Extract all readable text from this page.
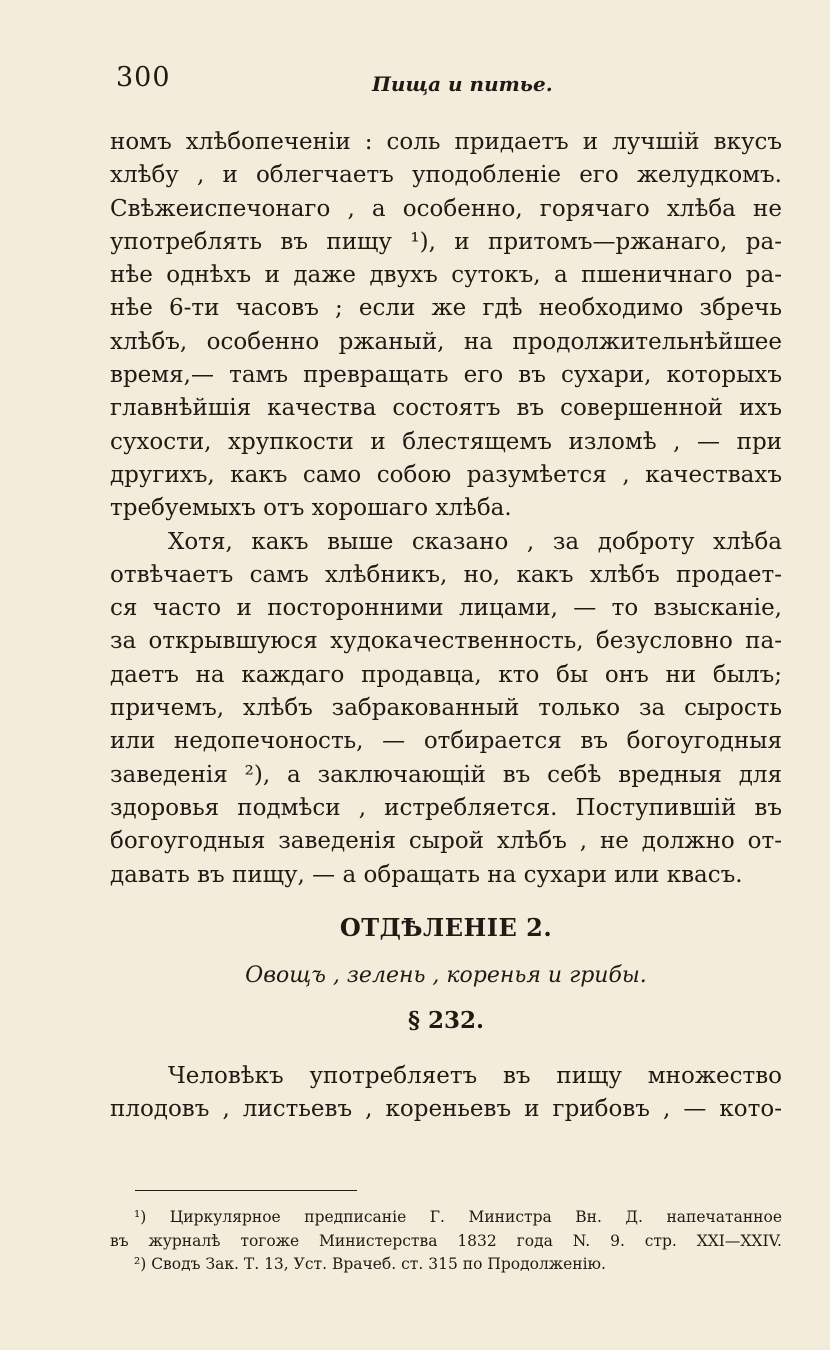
300	Пища и питье.
номъ хлѣбопеченіи : соль придаетъ и лучшій вкусъ
хлѣбу , и облегчаетъ уподобленіе его желудкомъ.
Свѣжеиспечонаго , а особенно, горячаго хлѣба не
употреблять въ пищу ¹), и притомъ—ржанаго, ра-
нѣе однѣхъ и даже двухъ сутокъ, а пшеничнаго ра-
нѣе 6-ти часовъ ; если же гдѣ необходимо збречь
хлѣбъ, особенно ржаный, на продолжительнѣйшее
время,— тамъ превращать его въ сухари, которыхъ
главнѣйшія качества состоятъ въ совершенной ихъ
сухости, хрупкости и блестящемъ изломѣ , — при
другихъ, какъ само собою разумѣется , качествахъ
требуемыхъ отъ хорошаго хлѣба.
Хотя, какъ выше сказано , за доброту хлѣба
отвѣчаетъ самъ хлѣбникъ, но, какъ хлѣбъ продает-
ся часто и посторонними лицами, — то взысканіе,
за открывшуюся худокачественность, безусловно па-
даетъ на каждаго продавца, кто бы онъ ни былъ;
причемъ, хлѣбъ забракованный только за сырость
или недопечоность, — отбирается въ богоугодныя
заведенія ²), а заключающій въ себѣ вредныя для
здоровья подмѣси , истребляется. Поступившій въ
богоугодныя заведенія сырой хлѣбъ , не должно от-
давать въ пищу, — а обращать на сухари или квасъ.
ОТДѢЛЕНІЕ 2.
Овощъ , зелень , коренья и грибы.
§ 232.
Человѣкъ употребляетъ въ пищу множество
плодовъ , листьевъ , кореньевъ и грибовъ , — кото-
¹) Циркулярное предписаніе Г. Министра Вн. Д. напечатанное
въ журналѣ тогоже Министерства 1832 года N. 9. стр. XXI—XXIV.
²) Сводъ Зак. Т. 13, Уст. Врачеб. ст. 315 по Продолженію.
